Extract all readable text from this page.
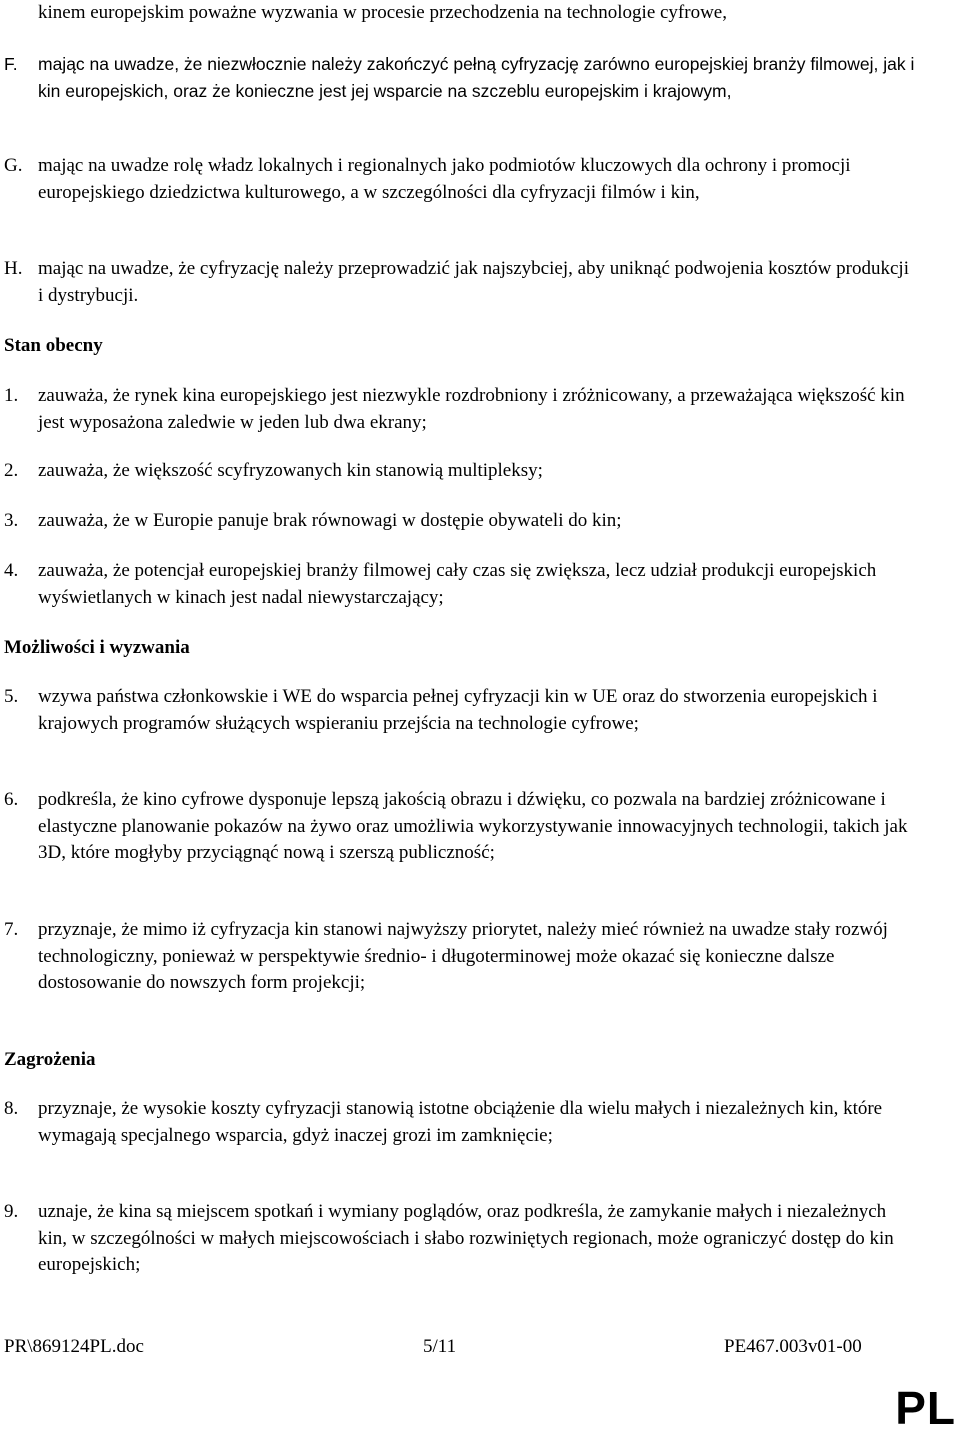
kinem europejskim poważne wyzwania w procesie przechodzenia na technologie cyfrowe,
F. mając na uwadze, że niezwłocznie należy zakończyć pełną cyfryzację zarówno europejskiej branży filmowej, jak i kin europejskich, oraz że konieczne jest jej wsparcie na szczeblu europejskim i krajowym,
G. mając na uwadze rolę władz lokalnych i regionalnych jako podmiotów kluczowych dla ochrony i promocji europejskiego dziedzictwa kulturowego, a w szczególności dla cyfryzacji filmów i kin,
H. mając na uwadze, że cyfryzację należy przeprowadzić jak najszybciej, aby uniknąć podwojenia kosztów produkcji i dystrybucji.
Stan obecny
1. zauważa, że rynek kina europejskiego jest niezwykle rozdrobniony i zróżnicowany, a przeważająca większość kin jest wyposażona zaledwie w jeden lub dwa ekrany;
2. zauważa, że większość scyfryzowanych kin stanowią multipleksy;
3. zauważa, że w Europie panuje brak równowagi w dostępie obywateli do kin;
4. zauważa, że potencjał europejskiej branży filmowej cały czas się zwiększa, lecz udział produkcji europejskich wyświetlanych w kinach jest nadal niewystarczający;
Możliwości i wyzwania
5. wzywa państwa członkowskie i WE do wsparcia pełnej cyfryzacji kin w UE oraz do stworzenia europejskich i krajowych programów służących wspieraniu przejścia na technologie cyfrowe;
6. podkreśla, że kino cyfrowe dysponuje lepszą jakością obrazu i dźwięku, co pozwala na bardziej zróżnicowane i elastyczne planowanie pokazów na żywo oraz umożliwia wykorzystywanie innowacyjnych technologii, takich jak 3D, które mogłyby przyciągnąć nową i szerszą publiczność;
7. przyznaje, że mimo iż cyfryzacja kin stanowi najwyższy priorytet, należy mieć również na uwadze stały rozwój technologiczny, ponieważ w perspektywie średnio- i długoterminowej może okazać się konieczne dalsze dostosowanie do nowszych form projekcji;
Zagrożenia
8. przyznaje, że wysokie koszty cyfryzacji stanowią istotne obciążenie dla wielu małych i niezależnych kin, które wymagają specjalnego wsparcia, gdyż inaczej grozi im zamknięcie;
9. uznaje, że kina są miejscem spotkań i wymiany poglądów, oraz podkreśla, że zamykanie małych i niezależnych kin, w szczególności w małych miejscowościach i słabo rozwiniętych regionach, może ograniczyć dostęp do kin europejskich;
PR\869124PL.doc	5/11	PE467.003v01-00
PL
